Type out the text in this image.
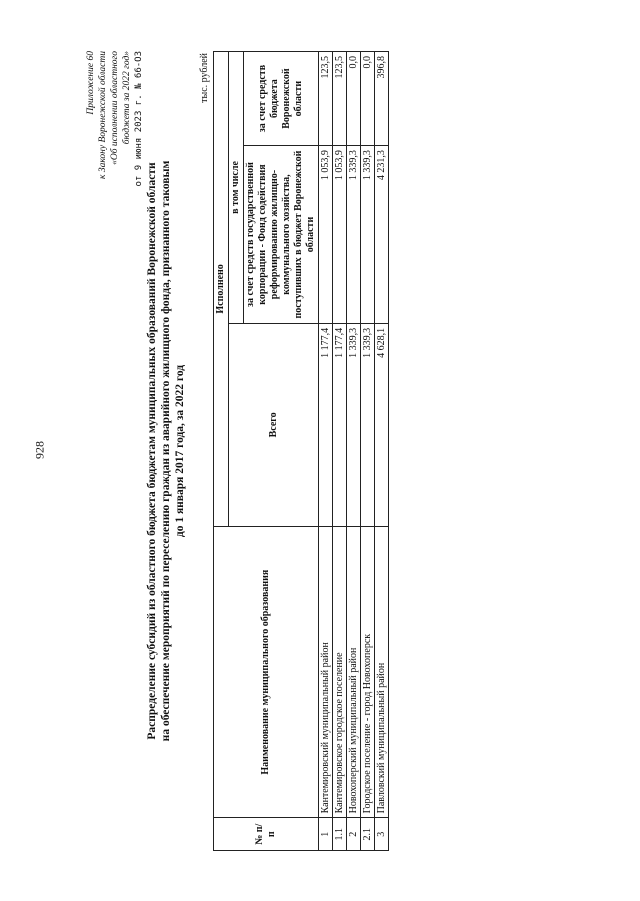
928
Приложение 60 к Закону Воронежской области «Об исполнении областного бюджета за 2022 год» от 9 июня 2023 г. № 66-ОЗ
Распределение субсидий из областного бюджета бюджетам муниципальных образований Воронежской области на обеспечение мероприятий по переселению граждан из аварийного жилищного фонда, признанного таковым до 1 января 2017 года, за 2022 год
тыс. рублей
№ п/п	Наименование муниципального образования	Исполнено		
		Всего	в том числе	
			за счет средств государственной корпорации - Фонд содействия реформированию жилищно-коммунального хозяйства, поступивших в бюджет Воронежской области	за счет средств бюджета Воронежской области
1	Кантемировский муниципальный район	1 177,4	1 053,9	123,5
1.1	Кантемировское городское поселение	1 177,4	1 053,9	123,5
2	Новохоперский муниципальный район	1 339,3	1 339,3	0,0
2.1	Городское поселение - город Новохоперск	1 339,3	1 339,3	0,0
3	Павловский муниципальный район	4 628,1	4 231,3	396,8
